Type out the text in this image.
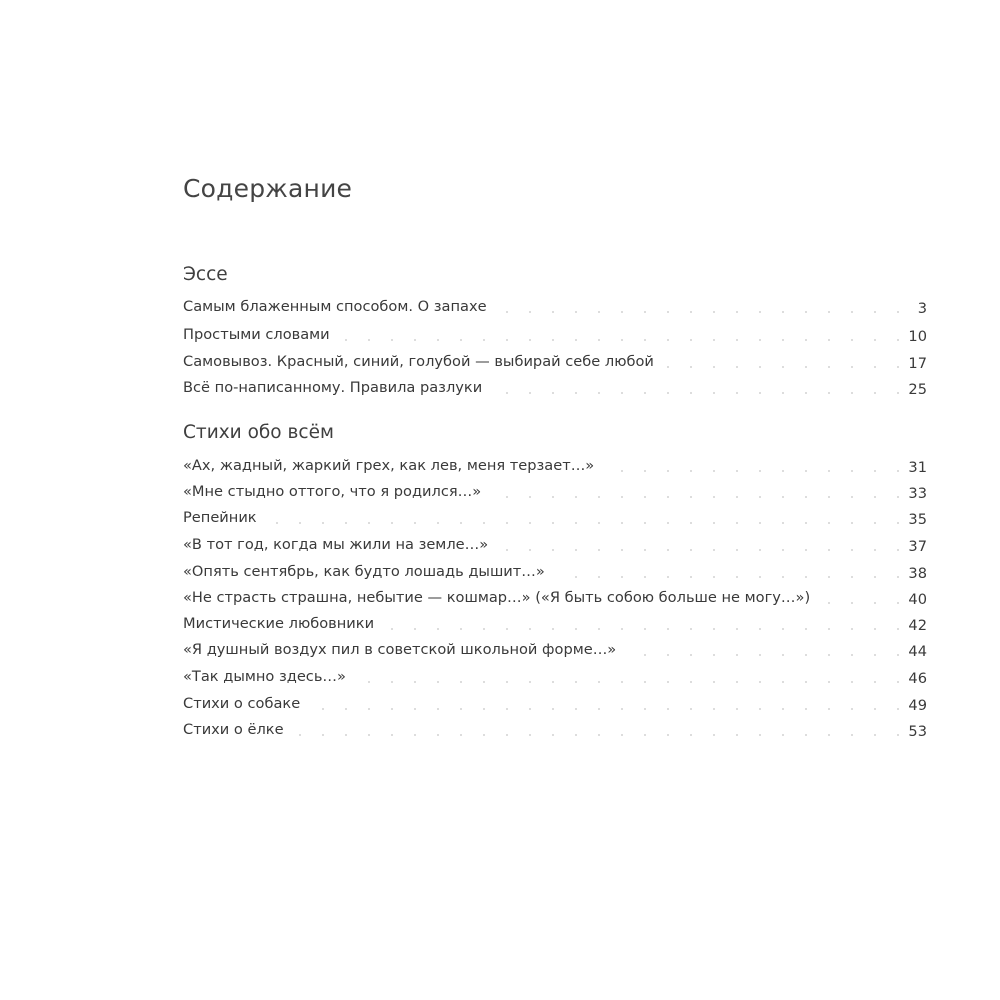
Содержание
Эссе
Самым блаженным способом. О запахе	3
Простыми словами	10
Самовывоз. Красный, синий, голубой — выбирай себе любой	17
Всё по-написанному. Правила разлуки	25
Стихи обо всём
«Ах, жадный, жаркий грех, как лев, меня терзает…»	31
«Мне стыдно оттого, что я родился…»	33
Репейник	35
«В тот год, когда мы жили на земле…»	37
«Опять сентябрь, как будто лошадь дышит…»	38
«Не страсть страшна, небытие — кошмар…» («Я быть собою больше не могу…»)	40
Мистические любовники	42
«Я душный воздух пил в советской школьной форме…»	44
«Так дымно здесь…»	46
Стихи о собаке	49
Стихи о ёлке	53
